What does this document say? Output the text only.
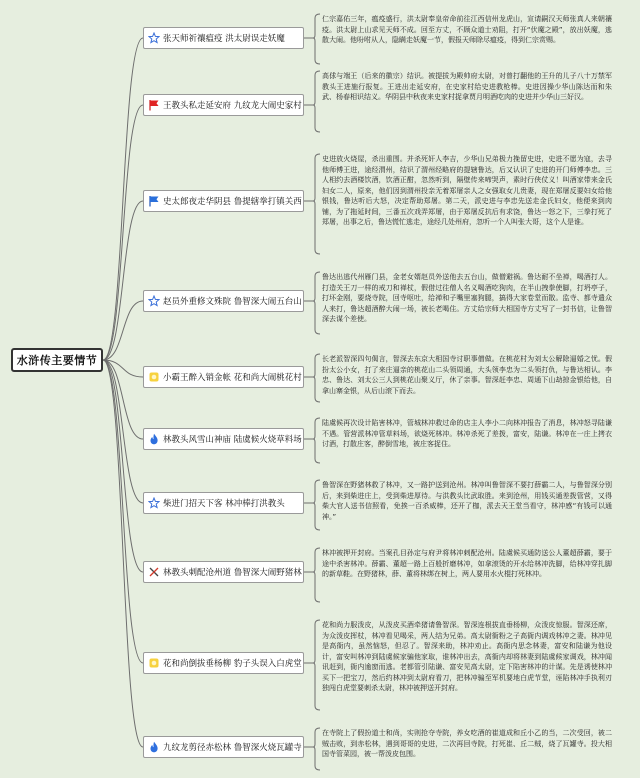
水浒传主要情节
张天师祈禳瘟疫 洪太尉误走妖魔
仁宗嘉佑三年，瘟疫盛行，洪太尉奉皇帝命前往江西信州龙虎山，宣请嗣汉天师张真人来朝禳疫。洪太尉上山求见天师不成。回至方丈，不顾众道士劝阻，打开“伏魔之殿”，放出妖魔，逃散大闹。他吩咐从人，隐瞒走妖魔一节，假报天师除尽瘟疫，得到仁宗赏赐。
王教头私走延安府 九纹龙大闹史家村
高俅与端王（后来的徽宗）结识。被提拔为殿帅府太尉，对曾打翻他的王升的儿子八十万禁军教头王进施行报复。王进出走延安府，在史家村给史进教枪棒。史进因操少华山陈达而和朱武、杨春相识结义。华阴县中秋夜来史家村捉拿贾月明酒吃肉的史进并少华山三好汉。
史太郎夜走华阴县 鲁提辖拳打镇关西
史进放火烧屋，杀出重围。并杀死奸人李吉，少华山兄弟极力挽留史进，史进不愿为寇，去寻他师傅王进，途经渭州，结识了渭州经略府的提辖鲁达，后又认识了史进的开门师傅李忠。三人相约去酒楼饮酒，饮酒正酣，忽然听到，隔壁传来啼哭声，素时行侠仗义！叫酒家带来金氏妇女二人，原来，他们因到渭州投亲无着郑屠亲人之女强取女儿贵妻，现在郑屠反要妇女给他银钱，鲁达听后大怒，决定帮助郑屠。第二天，派史进与李忠先送走金氏妇女，他便来到肉铺，为了拖延时间，三番五次戏弄郑屠，由于郑屠反抗后有求饶，鲁达一怒之下，三拳打死了郑屠，出事之后，鲁达慌忙逃走，途经几处州府，忽听一个人叫张大哥，这个人是谁。
赵员外重修文殊院 鲁智深大闹五台山
鲁达出逃代州雁门县，金老女婿赵员外送他去五台山，做僧避祸。鲁达耐不坐禅，喝酒打人。打造关王刀一样的戒刀和禅杖，假借过往僧人名义喝酒吃狗肉，在半山拽拳使脚，打坍亭子，打坏金刚，要烧寺院，回寺呕吐，给禅和子嘴里塞狗腿，搞得大家卷堂而散。监寺、都寺遣众人来打，鲁达超酒醉大闹一场，被长老喝住。方丈给宗师大相国寺方丈写了一封书信，让鲁智深去谋个差使。
小霸王醉入销金帐 花和尚大闹桃花村
长老派智深四句偈言，智深去东京大相国寺讨职事僧做。在桃花村为刘太公解除逼婚之忧。假扮太公小女，打了来庄逼亲的桃花山二头领周通，大头领李忠为二头领打仇，与鲁达相认。李忠、鲁达、刘太公三人到桃花山聚义厅，休了亲事。智深赶李忠、周通下山劫掠金银给他，自拿山寨金银，从后山滚下而去。
林教头风雪山神庙 陆虞候火烧草料场
陆虞候再次设计陷害林冲，管城林冲救过命的店主人李小二向林冲报告了消息，林冲怒寻陆谦不遇。管营派林冲管草料场，欲烧死林冲。林冲杀死了差拨，富安，陆谦。林冲在一庄上拷衣讨酒，打散庄客，醉倒雪地，被庄客捉住。
柴进门招天下客 林冲棒打洪教头
鲁智深在野猪林救了林冲，又一路护送到沧州。林冲叫鲁智深不要打薛霸二人，与鲁智深分别后，来到柴进庄上，受到柴进厚待。与洪教头比武取胜。来到沧州，用钱买通差拨管营，又得柴大官人送书信照看，免挨一百杀威棒，还开了枷，派去天王堂当看守，林冲感“有钱可以通神。”
林教头刺配沧州道 鲁智深大闹野猪林
林冲被押开封府。当案孔目孙定与府尹将林冲刺配沧州。陆虞候买通防送公人董超薛霸，要于途中杀害林冲。薛霸、董超一路上百般折磨林冲，如拿滚烫的开水给林冲洗脚，给林冲穿扎脚的新草鞋。在野猪林，薛、董将林绑在树上，两人要用水火棍打死林冲。
花和尚倒拔垂杨柳 豹子头误入白虎堂
花和尚力服泼皮，从泼皮买酒牵猪请鲁智深。智深连根拔直垂杨柳，众泼皮惊服。智深还席，为众泼皮挥杖，林冲看见喝采，两人结为兄弟。高太尉衙粉之子高衙内调戏林冲之妻。林冲见是高衙内，虽然恼怒，但忍了。智深来助，林冲劝止。高衙内思念林妻，富安和陆谦为他设计，富安叫林冲到陆虞候家骗他家取，谁林冲出去，高衙内却将林妻到陆虞候家调戏，林冲闻讯赶到，衙内逾窗而逃。老都管引陆谦、富安见高太尉，定下陷害林冲的计谋。先是诱使林冲买下一把宝刀，然后约林冲到太尉府看刀，把林冲骗至军机要地白虎节堂，诬陷林冲手执利刃独闯白虎堂要刺杀太尉，林冲被押送开封府。
九纹龙剪径赤松林 鲁智深火烧瓦罐寺
在寺院上了假扮道士和尚，实则抢夺寺院，养女吃酒的崔道成和丘小乙的当，二次受回，被二贼击败，到赤松林，遇到哥哥的史进，二次再回寺院，打死崔、丘二贼，烧了瓦罐寺。投大相国寺管菜园，被一帮泼皮包围。
